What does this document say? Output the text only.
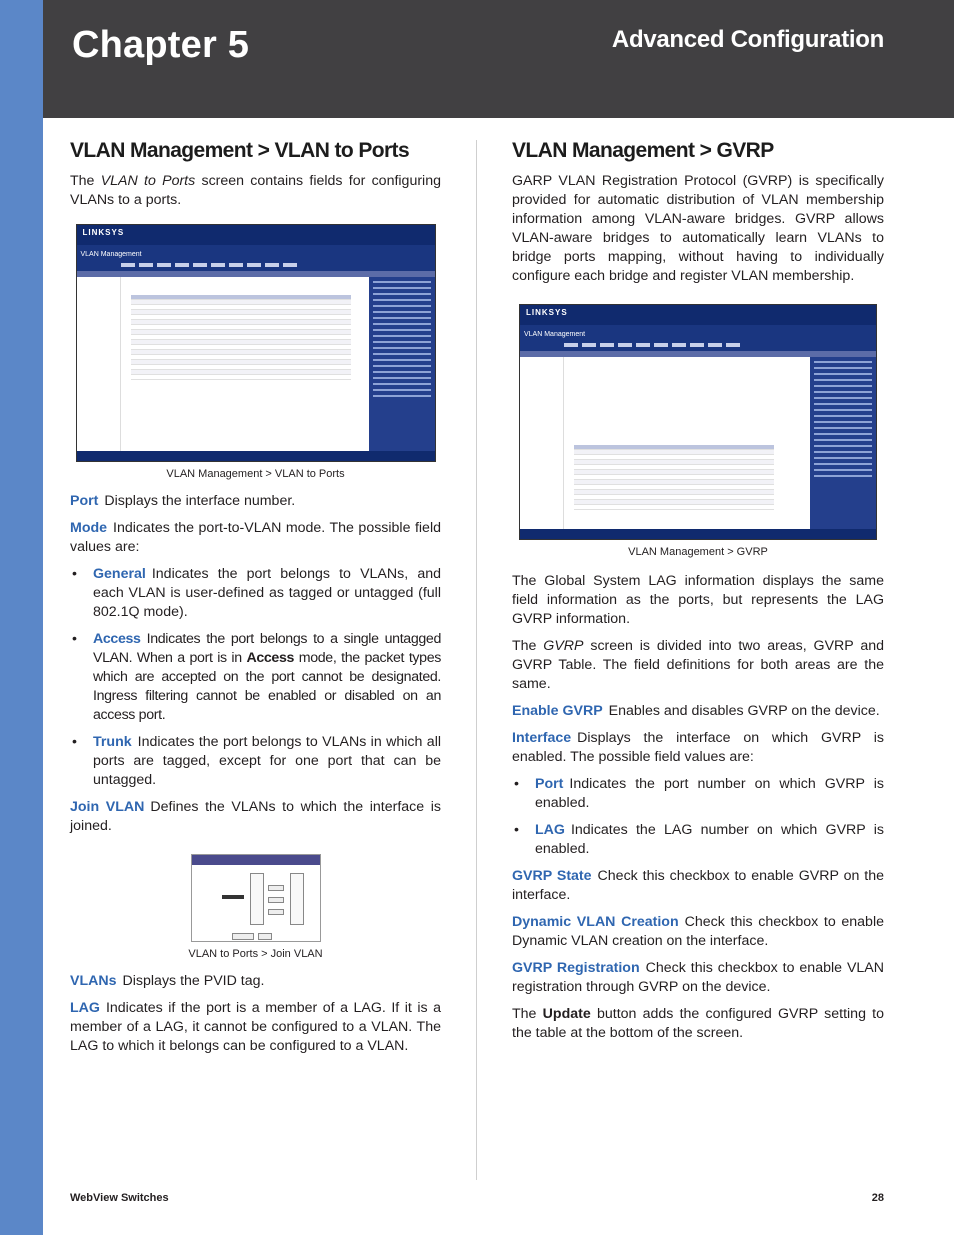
Chapter 5	Advanced Configuration
VLAN Management > VLAN to Ports

The VLAN to Ports screen contains fields for configuring VLANs to a ports.

LINKSYS
VLAN Management
VLAN Management > VLAN to Ports

Port Displays the interface number.

Mode Indicates the port-to-VLAN mode. The possible field values are:

• General Indicates the port belongs to VLANs, and each VLAN is user-defined as tagged or untagged (full 802.1Q mode).
• Access Indicates the port belongs to a single untagged VLAN. When a port is in Access mode, the packet types which are accepted on the port cannot be designated. Ingress filtering cannot be enabled or disabled on an access port.
• Trunk Indicates the port belongs to VLANs in which all ports are tagged, except for one port that can be untagged.

Join VLAN Defines the VLANs to which the interface is joined.

VLAN to Ports > Join VLAN

VLANs Displays the PVID tag.

LAG Indicates if the port is a member of a LAG. If it is a member of a LAG, it cannot be configured to a VLAN. The LAG to which it belongs can be configured to a VLAN.

VLAN Management > GVRP

GARP VLAN Registration Protocol (GVRP) is specifically provided for automatic distribution of VLAN membership information among VLAN-aware bridges. GVRP allows VLAN-aware bridges to automatically learn VLANs to bridge ports mapping, without having to individually configure each bridge and register VLAN membership.

LINKSYS
VLAN Management
VLAN Management > GVRP

The Global System LAG information displays the same field information as the ports, but represents the LAG GVRP information.

The GVRP screen is divided into two areas, GVRP and GVRP Table. The field definitions for both areas are the same.

Enable GVRP Enables and disables GVRP on the device.

Interface Displays the interface on which GVRP is enabled. The possible field values are:

• Port Indicates the port number on which GVRP is enabled.
• LAG Indicates the LAG number on which GVRP is enabled.

GVRP State Check this checkbox to enable GVRP on the interface.

Dynamic VLAN Creation Check this checkbox to enable Dynamic VLAN creation on the interface.

GVRP Registration Check this checkbox to enable VLAN registration through GVRP on the device.

The Update button adds the configured GVRP setting to the table at the bottom of the screen.

WebView Switches	28
